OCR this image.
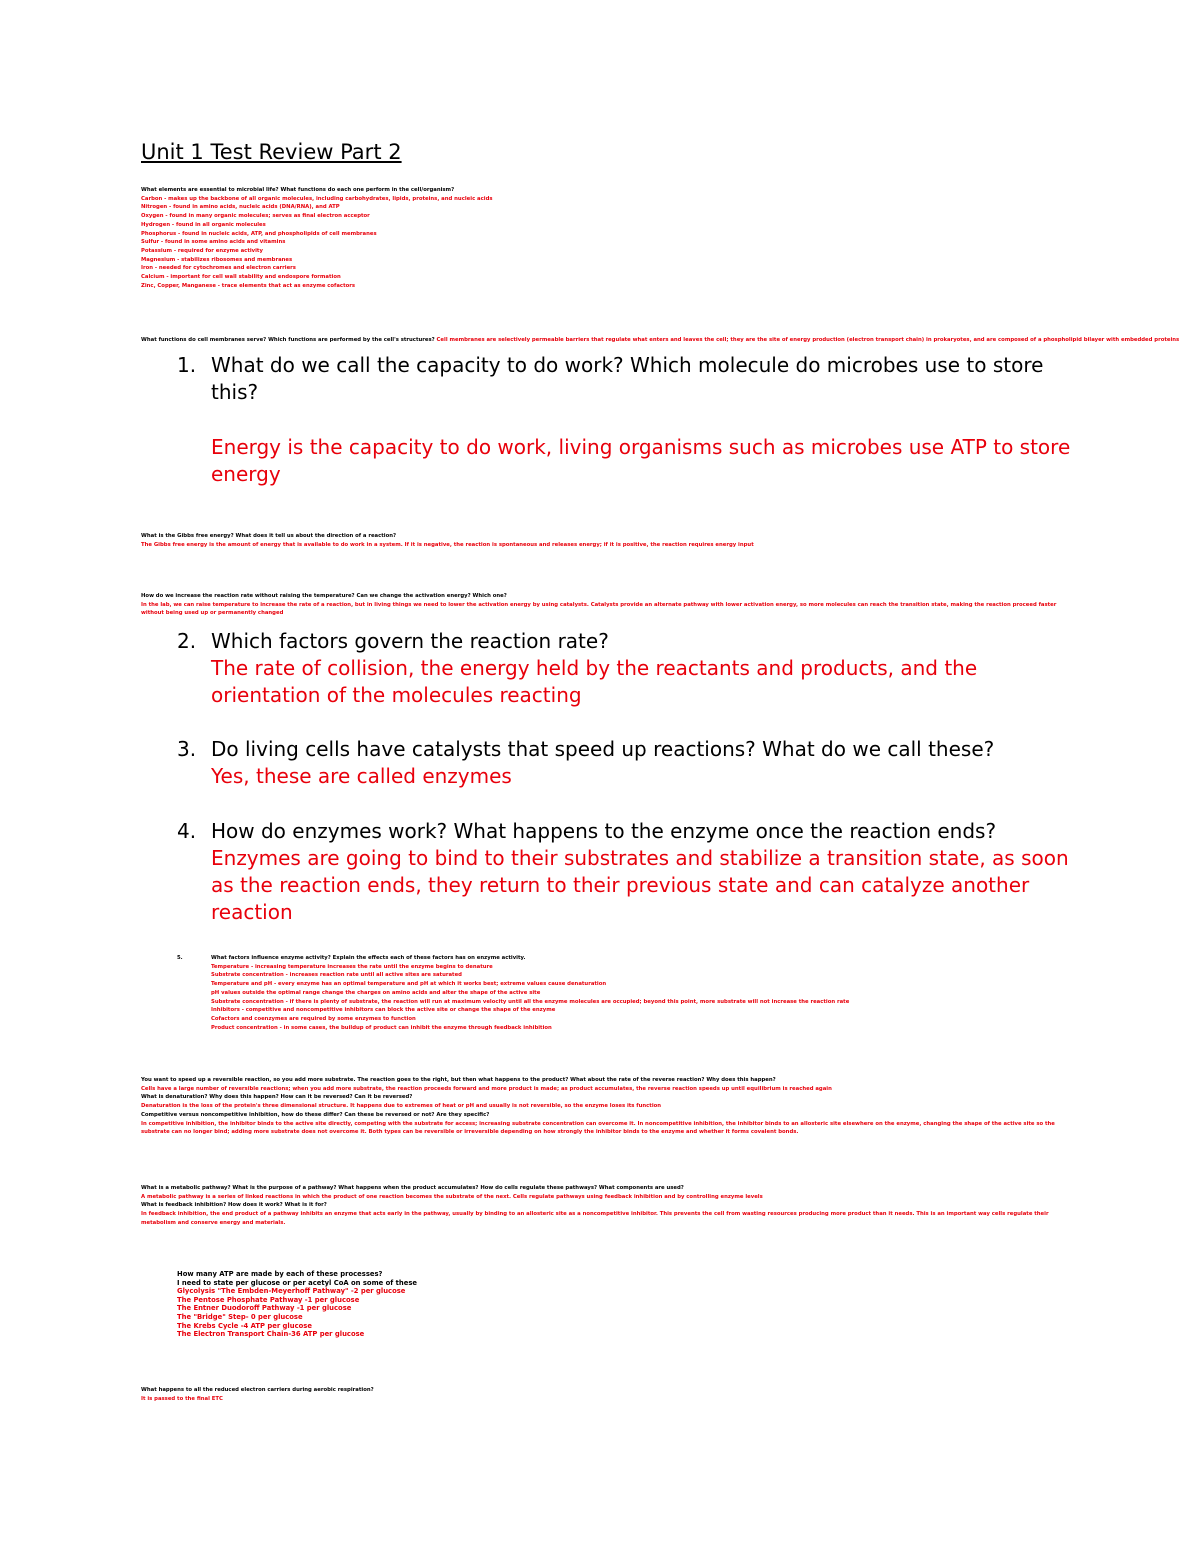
Unit 1 Test Review Part 2
What elements are essential to microbial life? What functions do each one perform in the cell/organism?
Carbon - makes up the backbone of all organic molecules, including carbohydrates, lipids, proteins, and nucleic acids
Nitrogen - found in amino acids, nucleic acids (DNA/RNA), and ATP
Oxygen - found in many organic molecules; serves as final electron acceptor
Hydrogen - found in all organic molecules
Phosphorus - found in nucleic acids, ATP, and phospholipids of cell membranes
Sulfur - found in some amino acids and vitamins
Potassium - required for enzyme activity
Magnesium - stabilizes ribosomes and membranes
Iron - needed for cytochromes and electron carriers
Calcium - important for cell wall stability and endospore formation
Zinc, Copper, Manganese - trace elements that act as enzyme cofactors
What functions do cell membranes serve? Which functions are performed by the cell's structures? Cell membranes are selectively permeable barriers that regulate what enters and leaves the cell; they are the site of energy production (electron transport chain) in prokaryotes, and are composed of a phospholipid bilayer with embedded proteins
1. What do we call the capacity to do work? Which molecule do microbes use to store this?
Energy is the capacity to do work, living organisms such as microbes use ATP to store energy
What is the Gibbs free energy? What does it tell us about the direction of a reaction?
The Gibbs free energy is the amount of energy that is available to do work in a system. If it is negative, the reaction is spontaneous and releases energy; if it is positive, the reaction requires energy input
How do we increase the reaction rate without raising the temperature? Can we change the activation energy? Which one?
In the lab, we can raise temperature to increase the rate of a reaction, but in living things we need to lower the activation energy by using catalysts. Catalysts provide an alternate pathway with lower activation energy, so more molecules can reach the transition state, making the reaction proceed faster without being used up or permanently changed
2. Which factors govern the reaction rate?
The rate of collision, the energy held by the reactants and products, and the orientation of the molecules reacting
3. Do living cells have catalysts that speed up reactions? What do we call these?
Yes, these are called enzymes
4. How do enzymes work? What happens to the enzyme once the reaction ends?
Enzymes are going to bind to their substrates and stabilize a transition state, as soon as the reaction ends, they return to their previous state and can catalyze another reaction
5.	What factors influence enzyme activity? Explain the effects each of these factors has on enzyme activity.
Temperature - increasing temperature increases the rate until the enzyme begins to denature
Substrate concentration - increases reaction rate until all active sites are saturated
Temperature and pH - every enzyme has an optimal temperature and pH at which it works best; extreme values cause denaturation
pH values outside the optimal range change the charges on amino acids and alter the shape of the active site
Substrate concentration - if there is plenty of substrate, the reaction will run at maximum velocity until all the enzyme molecules are occupied; beyond this point, more substrate will not increase the reaction rate
Inhibitors - competitive and noncompetitive inhibitors can block the active site or change the shape of the enzyme
Cofactors and coenzymes are required by some enzymes to function
Product concentration - in some cases, the buildup of product can inhibit the enzyme through feedback inhibition
You want to speed up a reversible reaction, so you add more substrate. The reaction goes to the right, but then what happens to the product? What about the rate of the reverse reaction? Why does this happen?
Cells have a large number of reversible reactions; when you add more substrate, the reaction proceeds forward and more product is made; as product accumulates, the reverse reaction speeds up until equilibrium is reached again
What is denaturation? Why does this happen? How can it be reversed? Can it be reversed?
Denaturation is the loss of the protein's three dimensional structure. It happens due to extremes of heat or pH and usually is not reversible, so the enzyme loses its function
Competitive versus noncompetitive inhibition, how do these differ? Can these be reversed or not? Are they specific?
In competitive inhibition, the inhibitor binds to the active site directly, competing with the substrate for access; increasing substrate concentration can overcome it. In noncompetitive inhibition, the inhibitor binds to an allosteric site elsewhere on the enzyme, changing the shape of the active site so the substrate can no longer bind; adding more substrate does not overcome it. Both types can be reversible or irreversible depending on how strongly the inhibitor binds to the enzyme and whether it forms covalent bonds.
What is a metabolic pathway? What is the purpose of a pathway? What happens when the product accumulates? How do cells regulate these pathways? What components are used?
A metabolic pathway is a series of linked reactions in which the product of one reaction becomes the substrate of the next. Cells regulate pathways using feedback inhibition and by controlling enzyme levels
What is feedback inhibition? How does it work? What is it for?
In feedback inhibition, the end product of a pathway inhibits an enzyme that acts early in the pathway, usually by binding to an allosteric site as a noncompetitive inhibitor. This prevents the cell from wasting resources producing more product than it needs. This is an important way cells regulate their metabolism and conserve energy and materials.
How many ATP are made by each of these processes?
I need to state per glucose or per acetyl CoA on some of these
Glycolysis "The Embden-Meyerhoff Pathway" -2 per glucose
The Pentose Phosphate Pathway -1 per glucose
The Entner Duodoroff Pathway -1 per glucose
The "Bridge" Step- 0 per glucose
The Krebs Cycle -4 ATP per glucose
The Electron Transport Chain-36 ATP per glucose
What happens to all the reduced electron carriers during aerobic respiration?
It is passed to the final ETC
